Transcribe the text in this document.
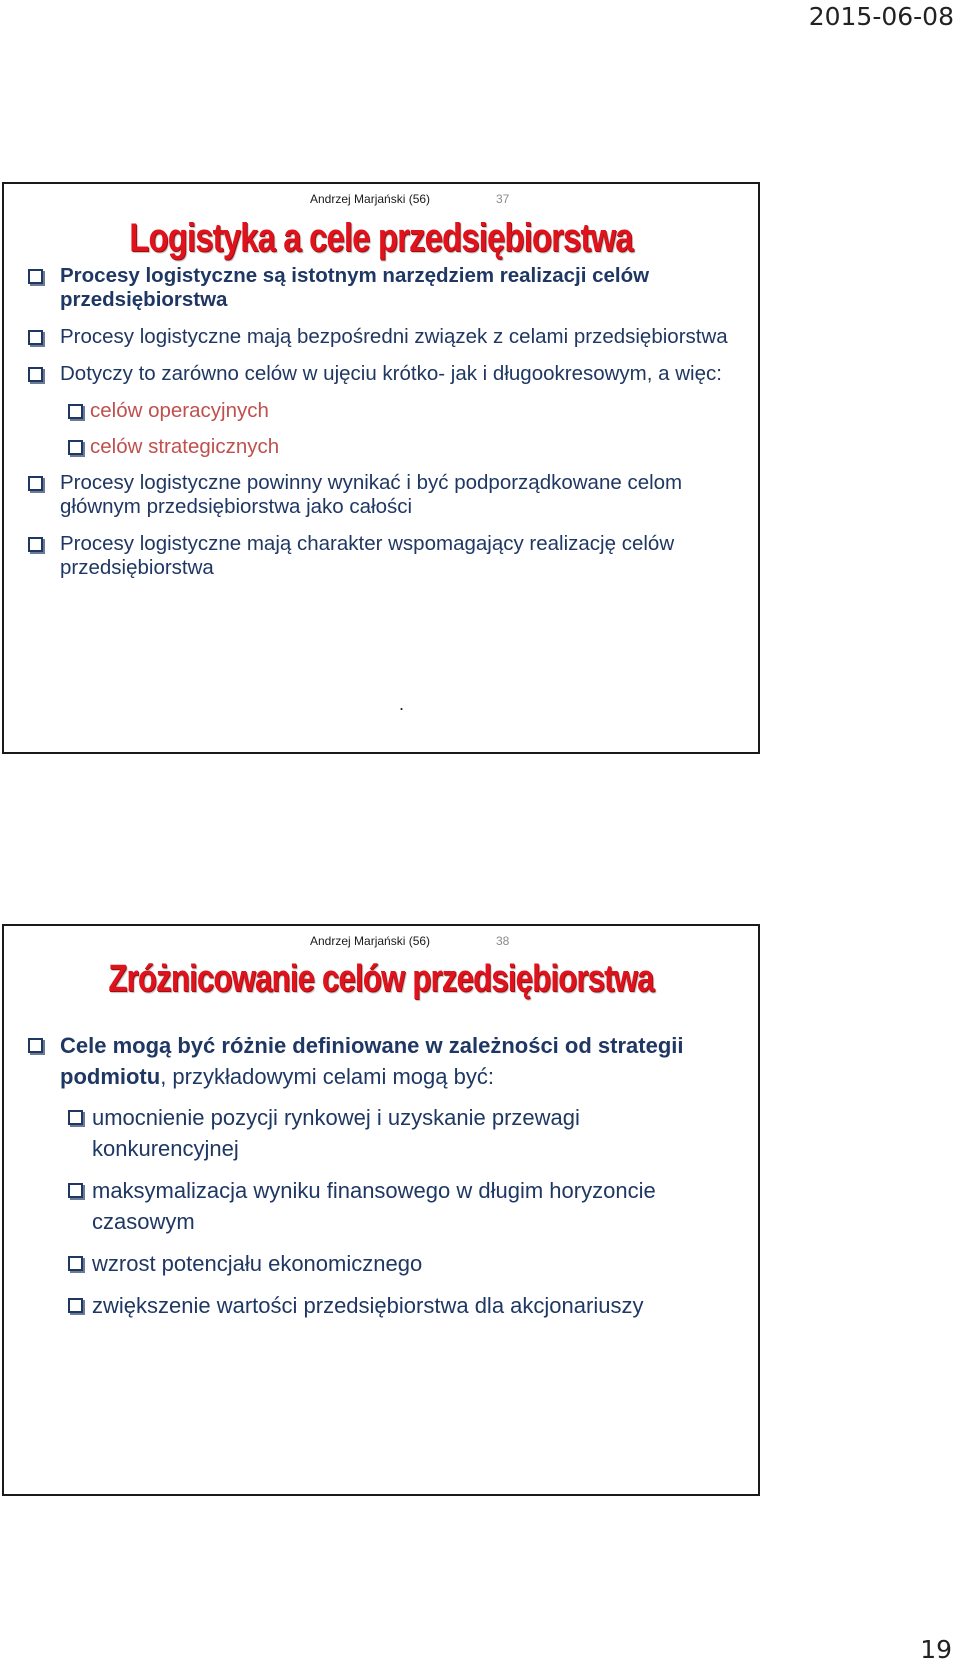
2015-06-08
Andrzej Marjański (56)	37
Logistyka a cele przedsiębiorstwa
Procesy logistyczne są istotnym narzędziem realizacji celów przedsiębiorstwa
Procesy logistyczne mają bezpośredni związek z celami przedsiębiorstwa
Dotyczy to zarówno celów w ujęciu krótko- jak i długookresowym, a więc:
celów operacyjnych
celów strategicznych
Procesy logistyczne powinny wynikać i być podporządkowane celom głównym przedsiębiorstwa jako całości
Procesy logistyczne mają charakter wspomagający realizację celów przedsiębiorstwa
.
Andrzej Marjański (56)	38
Zróżnicowanie celów przedsiębiorstwa
Cele mogą być różnie definiowane w zależności od strategii podmiotu, przykładowymi celami mogą być:
umocnienie pozycji rynkowej i uzyskanie przewagi konkurencyjnej
maksymalizacja wyniku finansowego w długim horyzoncie czasowym
wzrost potencjału ekonomicznego
zwiększenie wartości przedsiębiorstwa dla akcjonariuszy
19
